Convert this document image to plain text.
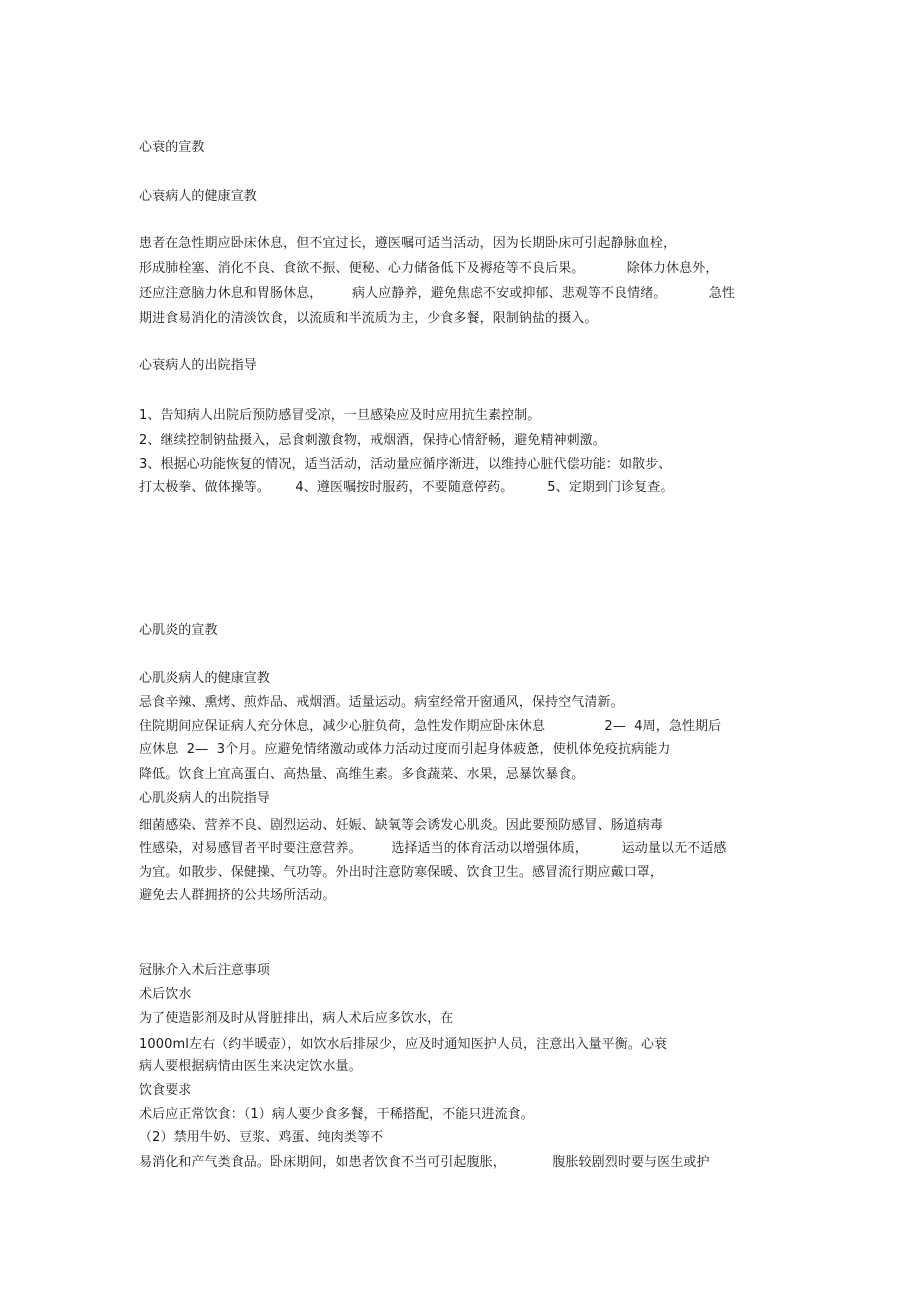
心衰的宣教
心衰病人的健康宣教
患者在急性期应卧床休息，但不宜过长，遵医嘱可适当活动，因为长期卧床可引起静脉血栓，
形成肺栓塞、消化不良、食欲不振、便秘、心力储备低下及褥疮等不良后果。          除体力休息外，
还应注意脑力休息和胃肠休息，       病人应静养，避免焦虑不安或抑郁、悲观等不良情绪。          急性
期进食易消化的清淡饮食，以流质和半流质为主，少食多餐，限制钠盐的摄入。
心衰病人的出院指导
1、告知病人出院后预防感冒受凉，一旦感染应及时应用抗生素控制。
2、继续控制钠盐摄入，忌食刺激食物，戒烟酒，保持心情舒畅，避免精神刺激。
3、根据心功能恢复的情况，适当活动，活动量应循序渐进，以维持心脏代偿功能：如散步、
打太极拳、做体操等。      4、遵医嘱按时服药，不要随意停药。        5、定期到门诊复查。
心肌炎的宣教
心肌炎病人的健康宣教
忌食辛辣、熏烤、煎炸品、戒烟酒。适量运动。病室经常开窗通风，保持空气清新。
住院期间应保证病人充分休息，减少心脏负荷，急性发作期应卧床休息              2—  4周，急性期后
应休息  2—  3个月。应避免情绪激动或体力活动过度而引起身体疲惫，使机体免疫抗病能力
降低。饮食上宜高蛋白、高热量、高维生素。多食蔬菜、水果，忌暴饮暴食。
心肌炎病人的出院指导
细菌感染、营养不良、剧烈运动、妊娠、缺氧等会诱发心肌炎。因此要预防感冒、肠道病毒
性感染，对易感冒者平时要注意营养。       选择适当的体育活动以增强体质，        运动量以无不适感
为宜。如散步、保健操、气功等。外出时注意防寒保暖、饮食卫生。感冒流行期应戴口罩，
避免去人群拥挤的公共场所活动。
冠脉介入术后注意事项
术后饮水
为了使造影剂及时从肾脏排出，病人术后应多饮水，在
1000ml左右（约半暖壶），如饮水后排尿少，应及时通知医护人员，注意出入量平衡。心衰
病人要根据病情由医生来决定饮水量。
饮食要求
术后应正常饮食：（1）病人要少食多餐，干稀搭配，不能只进流食。
（2）禁用牛奶、豆浆、鸡蛋、纯肉类等不
易消化和产气类食品。卧床期间，如患者饮食不当可引起腹胀，           腹胀较剧烈时要与医生或护
